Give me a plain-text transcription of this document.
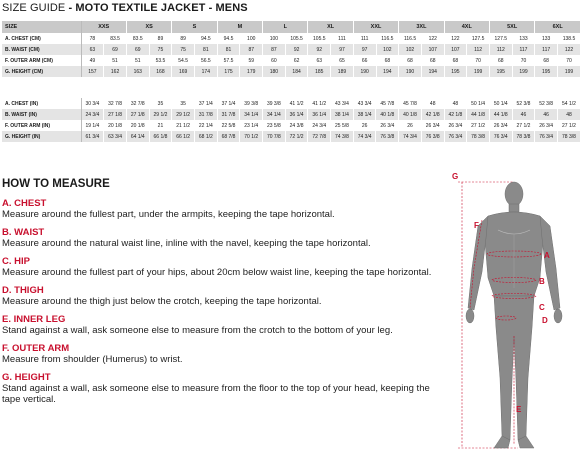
SIZE GUIDE - MOTO TEXTILE JACKET - MENS
SIZE	XXS		XS		S		M		L		XL		XXL		3XL		4XL		5XL		6XL	
A. CHEST (CM)	78	83.5	83.5	89	89	94.5	94.5	100	100	105.5	105.5	111	111	116.5	116.5	122	122	127.5	127.5	133	133	138.5
B. WAIST (CM)	63	69	69	75	75	81	81	87	87	92	92	97	97	102	102	107	107	112	112	117	117	122
F. OUTER ARM (CM)	49	51	51	53.5	54.5	56.5	57.5	59	60	62	63	65	66	68	68	68	68	70	68	70	68	70
G. HEIGHT (CM)	157	162	163	168	169	174	175	179	180	184	185	189	190	194	190	194	195	199	195	199	195	199
A. CHEST (IN)	30 3/4	32 7/8	32 7/8	35	35	37 1/4	37 1/4	39 3/8	39 3/8	41 1/2	41 1/2	43 3/4	43 3/4	45 7/8	45 7/8	48	48	50 1/4	50 1/4	52 3/8	52 3/8	54 1/2
B. WAIST (IN)	24 3/4	27 1/8	27 1/8	29 1/2	29 1/2	31 7/8	31 7/8	34 1/4	34 1/4	36 1/4	36 1/4	38 1/4	38 1/4	40 1/8	40 1/8	42 1/8	42 1/8	44 1/8	44 1/8	46	46	48
F. OUTER ARM (IN)	19 1/4	20 1/8	20 1/8	21	21 1/2	22 1/4	22 5/8	23 1/4	23 5/8	24 3/8	24 3/4	25 5/8	26	26 3/4	26	26 3/4	26 3/4	27 1/2	26 3/4	27 1/2	26 3/4	27 1/2
G. HEIGHT (IN)	61 3/4	63 3/4	64 1/4	66 1/8	66 1/2	68 1/2	68 7/8	70 1/2	70 7/8	72 1/2	72 7/8	74 3/8	74 3/4	76 3/8	74 3/4	76 3/8	76 3/4	78 3/8	76 3/4	78 3/8	76 3/4	78 3/8
HOW TO MEASURE
A. CHEST
Measure around the fullest part, under the armpits, keeping the tape horizontal.
B. WAIST
Measure around the natural waist line, inline with the navel, keeping the tape horizontal.
C. HIP
Measure around the fullest part of your hips, about 20cm below waist line, keeping the tape horizontal.
D. THIGH
Measure around the thigh just below the crotch, keeping the tape horizontal.
E. INNER LEG
Stand against a wall, ask someone else to measure from the crotch to the bottom of your leg.
F. OUTER ARM
Measure from shoulder (Humerus) to wrist.
G. HEIGHT
Stand against a wall, ask someone else to measure from the floor to the top of your head, keeping the tape vertical.
G
A
B
C
D
E
F
